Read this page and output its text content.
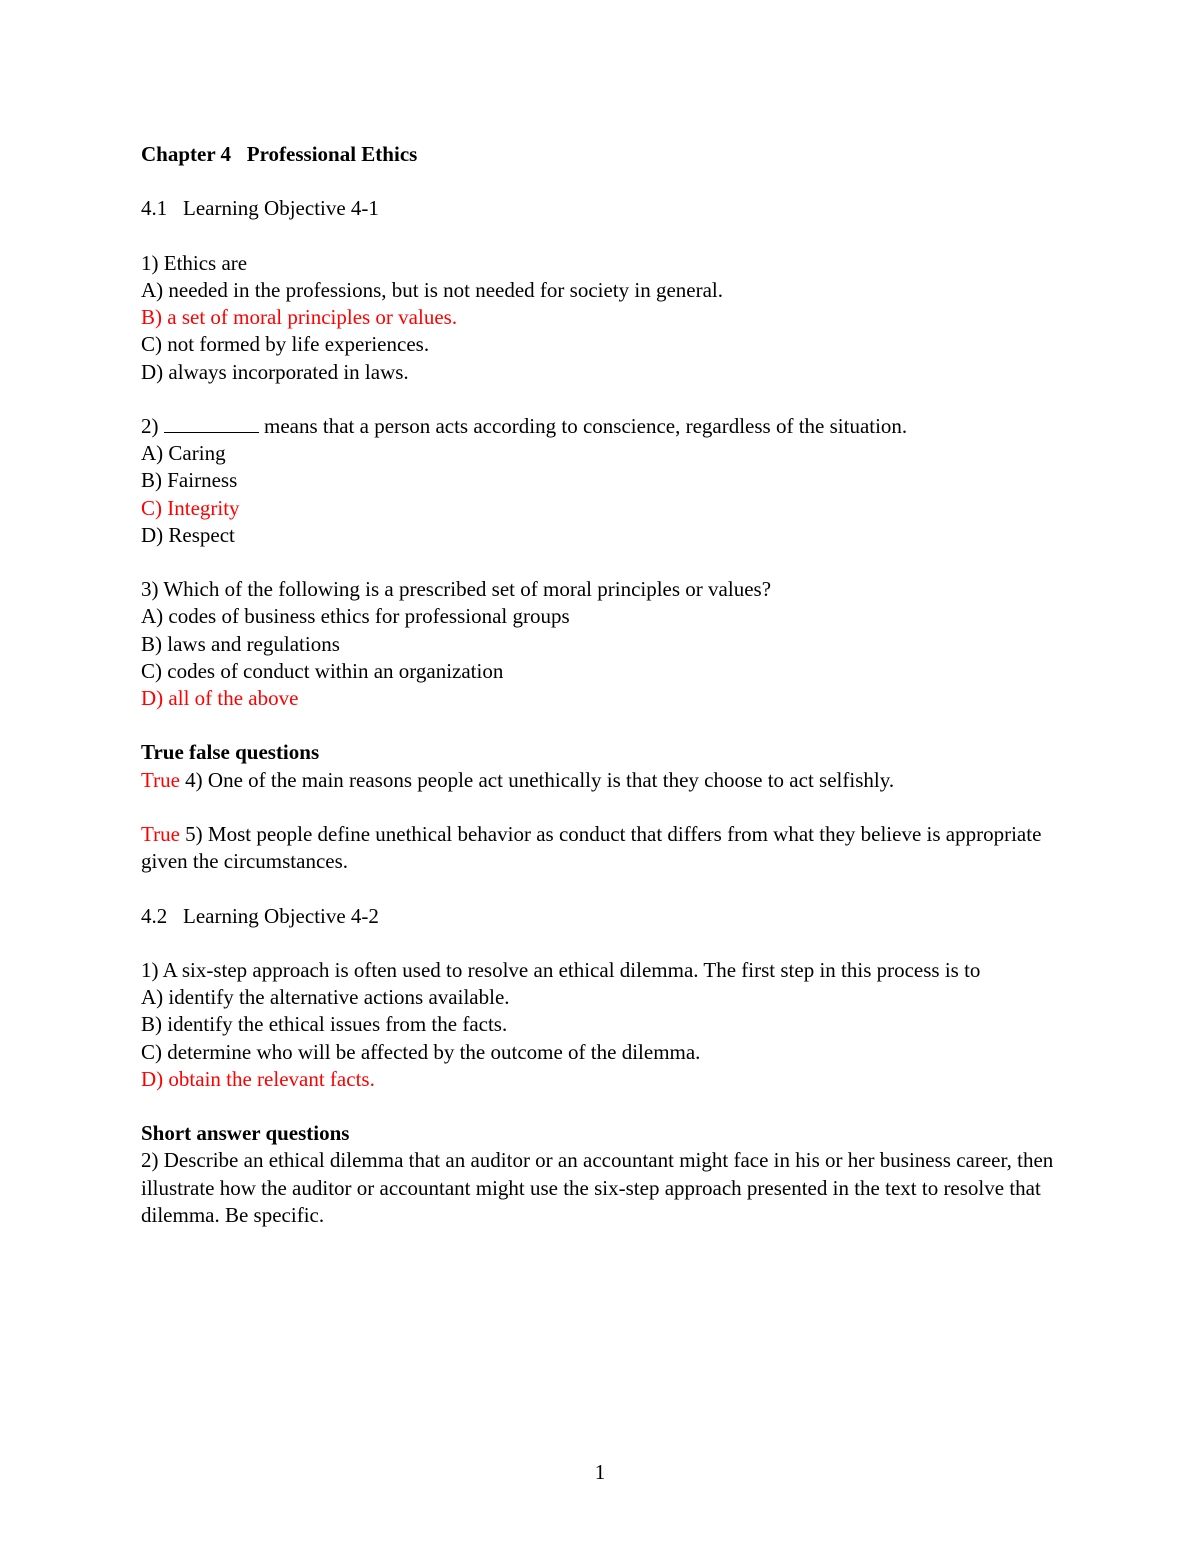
Chapter 4   Professional Ethics
4.1   Learning Objective 4-1
1) Ethics are
A) needed in the professions, but is not needed for society in general.
B) a set of moral principles or values.
C) not formed by life experiences.
D) always incorporated in laws.
2)	means that a person acts according to conscience, regardless of the situation.
A) Caring
B) Fairness
C) Integrity
D) Respect
3) Which of the following is a prescribed set of moral principles or values?
A) codes of business ethics for professional groups
B) laws and regulations
C) codes of conduct within an organization
D) all of the above
True false questions
True 4) One of the main reasons people act unethically is that they choose to act selfishly.
True 5) Most people define unethical behavior as conduct that differs from what they believe is appropriate given the circumstances.
4.2   Learning Objective 4-2
1) A six-step approach is often used to resolve an ethical dilemma. The first step in this process is to
A) identify the alternative actions available.
B) identify the ethical issues from the facts.
C) determine who will be affected by the outcome of the dilemma.
D) obtain the relevant facts.
Short answer questions
2) Describe an ethical dilemma that an auditor or an accountant might face in his or her business career, then illustrate how the auditor or accountant might use the six-step approach presented in the text to resolve that dilemma. Be specific.
1
